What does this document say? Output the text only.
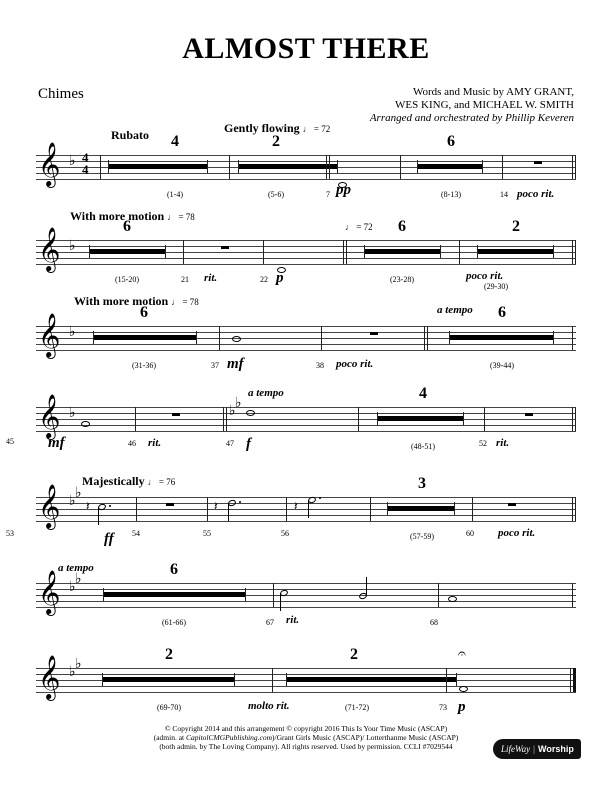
ALMOST THERE
Chimes	Words and Music by AMY GRANT,
WES KING, and MICHAEL W. SMITH
Arranged and orchestrated by Phillip Keveren
Rubato	Gently flowing ♩ = 72
𝄞 ♭ 4
4
4
(1-4)
2
(5-6)	7 pp
6
(8-13)	14 poco rit.
With more motion ♩ = 78
♩ = 72
𝄞 ♭
6
(15-20)	21 rit.	22 p
6
(23-28)
2
poco rit.
(29-30)
With more motion ♩ = 78
𝄞 ♭
6
(31-36)	37 mf	38 poco rit.
a tempo	6
(39-44)
𝄞 ♭
45 mf	46 rit.
♭ ♭
47 f
a tempo	4
(48-51)	52 rit.
Majestically ♩ = 76
𝄞 ♭ ♭
𝄽
53	ff 54
𝄽
55
𝄽
56
3
(57-59)	60 poco rit.
𝄞 ♭ ♭
a tempo	6
(61-66)	67 rit.	68
𝄞 ♭ ♭
2
(69-70)
2
molto rit.	(71-72)
𝄐
73 p
© Copyright 2014 and this arrangement © copyright 2016 This Is Your Time Music (ASCAP)
(admin. at CapitolCMGPublishing.com)/Grant Girls Music (ASCAP)/ Lotterthanme Music (ASCAP)
(both admin. by The Loving Company). All rights reserved. Used by permission. CCLI #7029544	LifeWay | Worship
